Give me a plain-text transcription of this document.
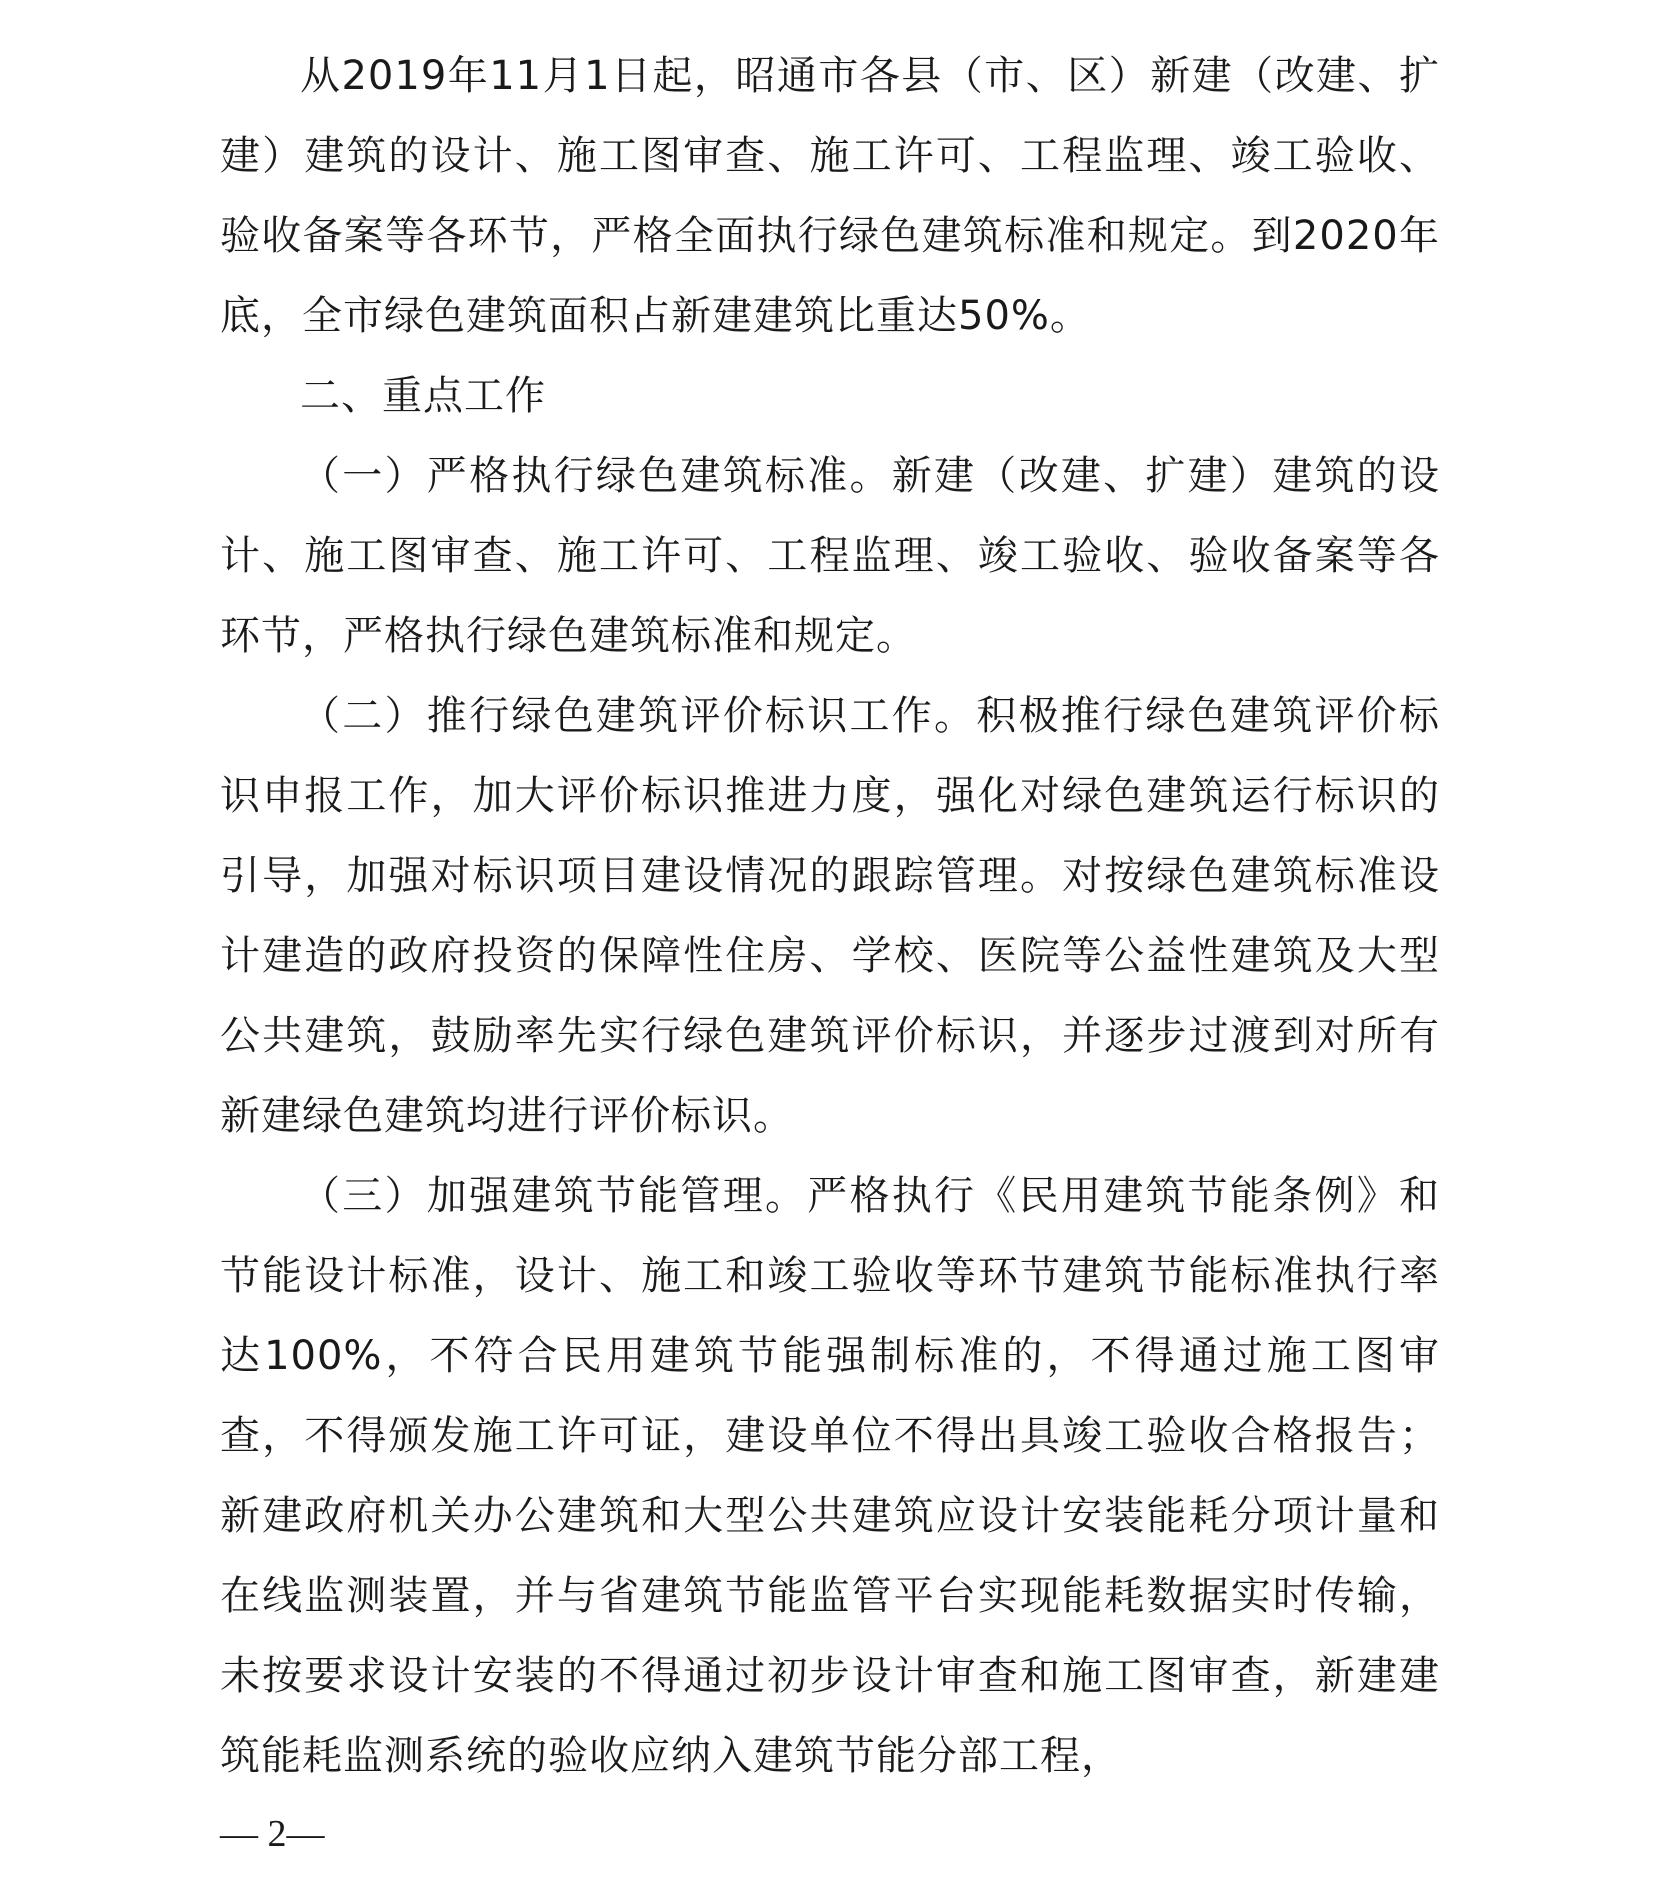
从2019年11月1日起，昭通市各县（市、区）新建（改建、扩建）建筑的设计、施工图审查、施工许可、工程监理、竣工验收、验收备案等各环节，严格全面执行绿色建筑标准和规定。到2020年底，全市绿色建筑面积占新建建筑比重达50%。

二、重点工作

（一）严格执行绿色建筑标准。新建（改建、扩建）建筑的设计、施工图审查、施工许可、工程监理、竣工验收、验收备案等各环节，严格执行绿色建筑标准和规定。

（二）推行绿色建筑评价标识工作。积极推行绿色建筑评价标识申报工作，加大评价标识推进力度，强化对绿色建筑运行标识的引导，加强对标识项目建设情况的跟踪管理。对按绿色建筑标准设计建造的政府投资的保障性住房、学校、医院等公益性建筑及大型公共建筑，鼓励率先实行绿色建筑评价标识，并逐步过渡到对所有新建绿色建筑均进行评价标识。

（三）加强建筑节能管理。严格执行《民用建筑节能条例》和节能设计标准，设计、施工和竣工验收等环节建筑节能标准执行率达100%，不符合民用建筑节能强制标准的，不得通过施工图审查，不得颁发施工许可证，建设单位不得出具竣工验收合格报告；新建政府机关办公建筑和大型公共建筑应设计安装能耗分项计量和在线监测装置，并与省建筑节能监管平台实现能耗数据实时传输，未按要求设计安装的不得通过初步设计审查和施工图审查，新建建筑能耗监测系统的验收应纳入建筑节能分部工程，

— 2—
